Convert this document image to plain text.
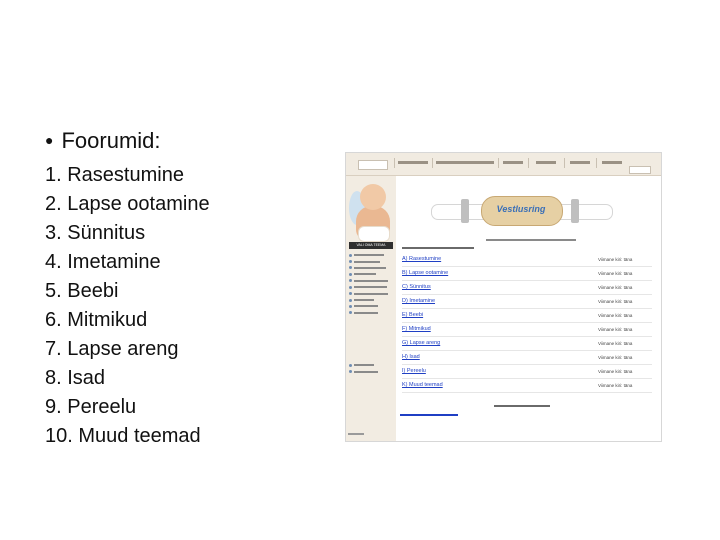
● Foorumid:
1. Rasestumine
2. Lapse ootamine
3. Sünnitus
4. Imetamine
5. Beebi
6. Mitmikud
7. Lapse areng
8. Isad
9. Pereelu
10. Muud teemad
VALI OMA TEEMA
Vestlusring
A) Rasestumine	Viimane kiri: täna
B) Lapse ootamine	Viimane kiri: täna
C) Sünnitus	Viimane kiri: täna
D) Imetamine	Viimane kiri: täna
E) Beebi	Viimane kiri: täna
F) Mitmikud	Viimane kiri: täna
G) Lapse areng	Viimane kiri: täna
H) Isad	Viimane kiri: täna
I) Pereelu	Viimane kiri: täna
K) Muud teemad	Viimane kiri: täna
